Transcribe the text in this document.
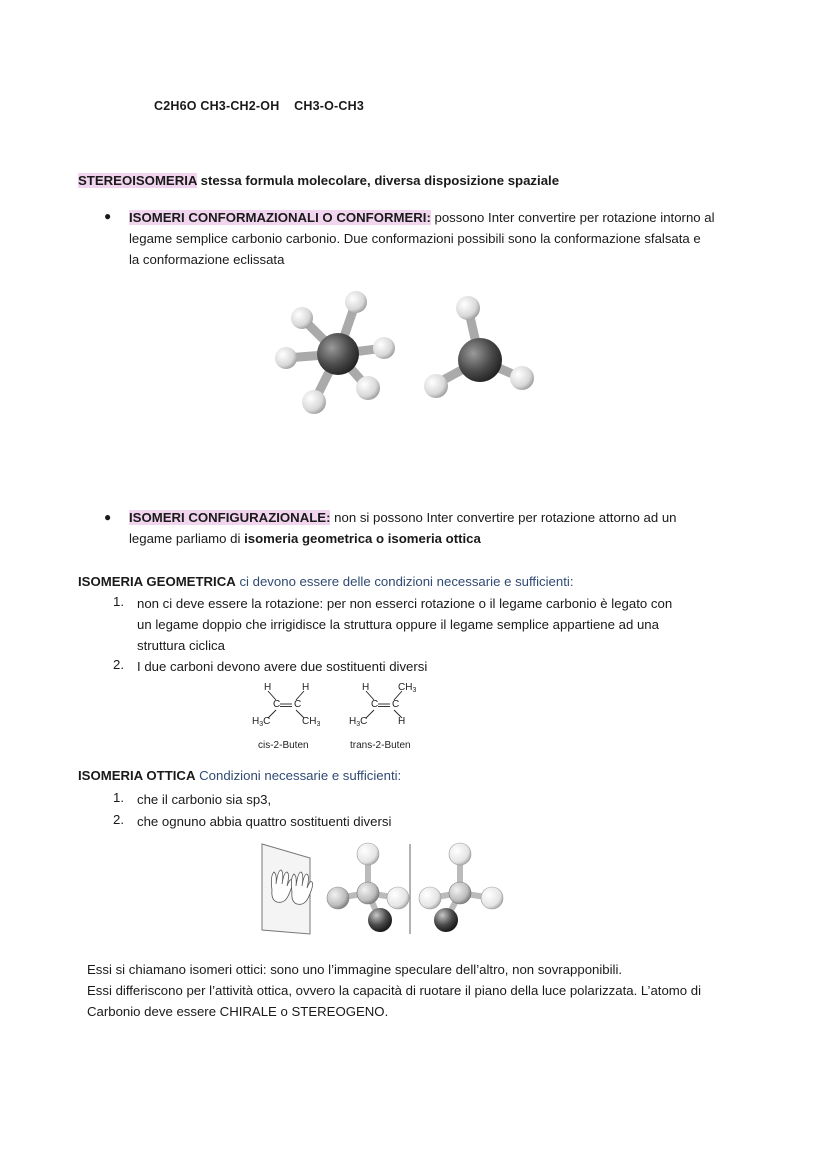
C2H6O CH3-CH2-OH    CH3-O-CH3
STEREOISOMERIA stessa formula molecolare, diversa disposizione spaziale
● ISOMERI CONFORMAZIONALI O CONFORMERI: possono Inter convertire per rotazione intorno al
legame semplice carbonio carbonio. Due conformazioni possibili sono la conformazione sfalsata e
la conformazione eclissata
● ISOMERI CONFIGURAZIONALE: non si possono Inter convertire per rotazione attorno ad un
legame parliamo di isomeria geometrica o isomeria ottica
ISOMERIA GEOMETRICA ci devono essere delle condizioni necessarie e sufficienti:
1. non ci deve essere la rotazione: per non esserci rotazione o il legame carbonio è legato con
un legame doppio che irrigidisce la struttura oppure il legame semplice appartiene ad una
struttura ciclica
2. I due carboni devono avere due sostituenti diversi
H	H
C C
$H_3C$	$CH_3$
H	$CH_3$
C C
$H_3C$	H
cis-2-Buten	trans-2-Buten
ISOMERIA OTTICA Condizioni necessarie e sufficienti:
1. che il carbonio sia sp3,
2. che ognuno abbia quattro sostituenti diversi
Essi si chiamano isomeri ottici: sono uno l’immagine speculare dell’altro, non sovrapponibili.
Essi differiscono per l’attività ottica, ovvero la capacità di ruotare il piano della luce polarizzata. L’atomo di
Carbonio deve essere CHIRALE o STEREOGENO.
